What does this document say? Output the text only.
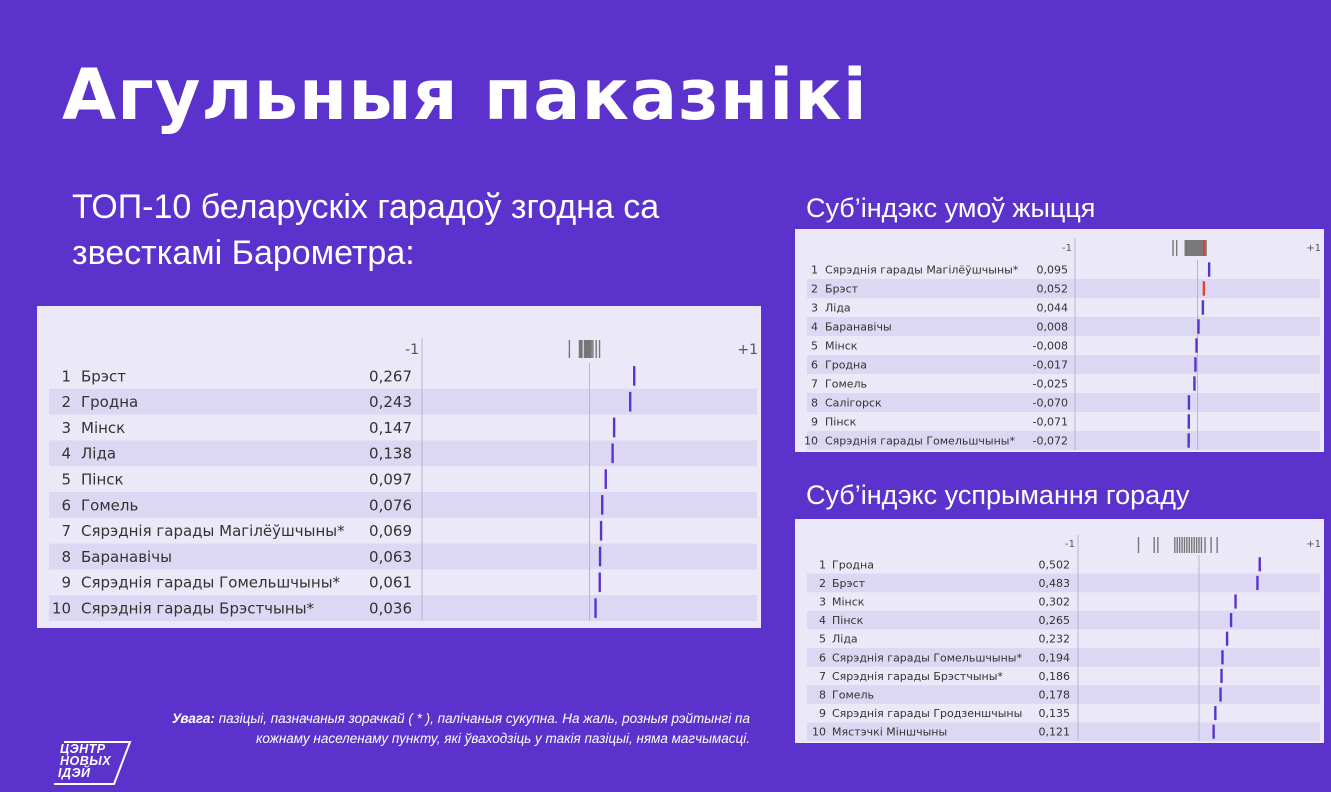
Агульныя паказнікі
ТОП-10 беларускіх гарадоў згодна са звесткамі Барометра:
-1	+1
1 Брэст	0,267
2 Гродна	0,243
3 Мінск	0,147
4 Ліда	0,138
5 Пінск	0,097
6 Гомель	0,076
7 Сярэднія гарады Магілёўшчыны* 0,069
8 Баранавічы	0,063
9 Сярэднія гарады Гомельшчыны* 0,061
10 Сярэднія гарады Брэстчыны*	0,036
Суб’індэкс умоў жыцця
-1	+1
1 Сярэднія гарады Магілёўшчыны* 0,095
2 Брэст	0,052
3 Ліда	0,044
4 Баранавічы	0,008
5 Мінск	-0,008
6 Гродна	-0,017
7 Гомель	-0,025
8 Салігорск	-0,070
9 Пінск	-0,071
10 Сярэднія гарады Гомельшчыны* -0,072
Суб’індэкс успрымання гораду
-1	+1
1 Гродна	0,502
2 Брэст	0,483
3 Мінск	0,302
4 Пінск	0,265
5 Ліда	0,232
6 Сярэднія гарады Гомельшчыны* 0,194
7 Сярэднія гарады Брэстчыны*	0,186
8 Гомель	0,178
9 Сярэднія гарады Гродзеншчыны 0,135
10 Мястэчкі Міншчыны	0,121
Увага: пазіцыі, пазначаныя зорачкай ( * ), палічаныя сукупна. На жаль, розныя рэйтынгі па кожнаму населенаму пункту, які ўваходзіць у такія пазіцыі, няма магчымасці.
ЦЭНТР
НОВЫХ
ІДЭЙ
